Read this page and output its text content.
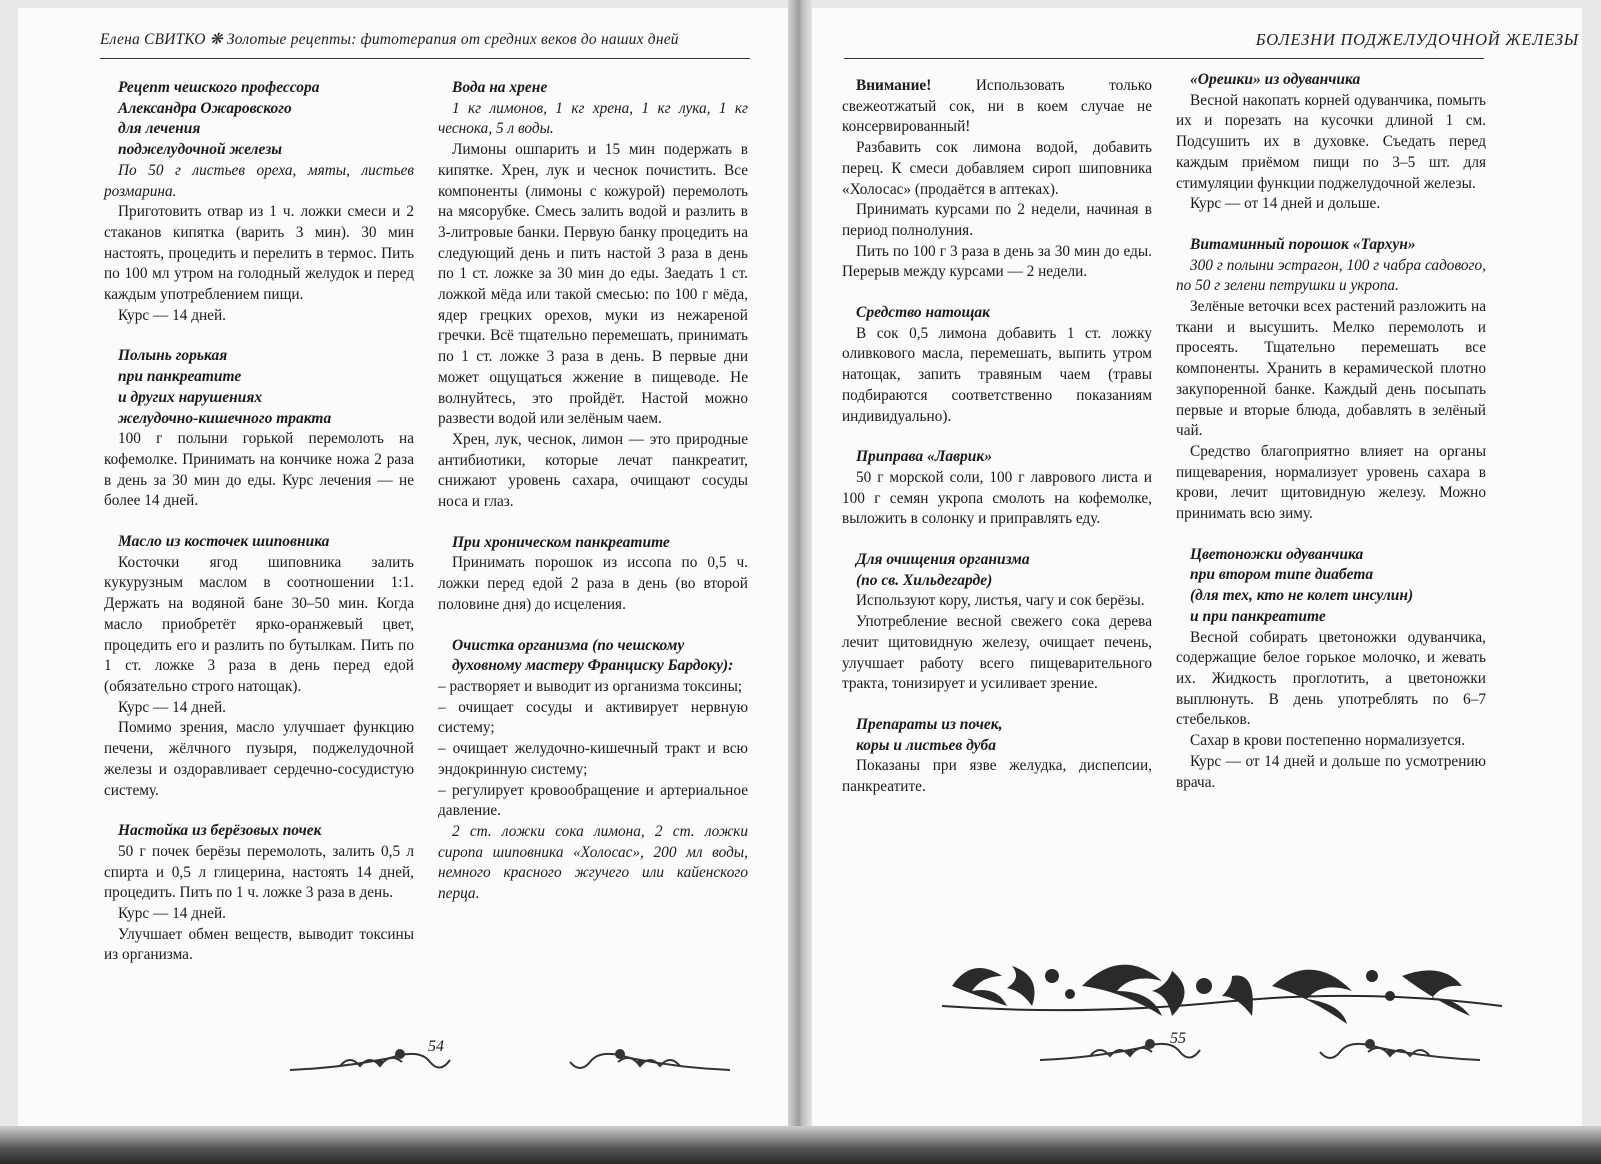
Елена СВИТКО ❋ Золотые рецепты: фитотерапия от средних веков до наших дней	БОЛЕЗНИ ПОДЖЕЛУДОЧНОЙ ЖЕЛЕЗЫ
Рецепт чешского профессора
Александра Ожаровского
для лечения
поджелудочной железы

По 50 г листьев ореха, мяты, листьев розмарина.

Приготовить отвар из 1 ч. ложки смеси и 2 стаканов кипятка (варить 3 мин). 30 мин настоять, процедить и перелить в термос. Пить по 100 мл утром на голодный желудок и перед каждым употреблением пищи.

Курс — 14 дней.

Полынь горькая
при панкреатите
и других нарушениях
желудочно-кишечного тракта

100 г полыни горькой перемолоть на кофемолке. Принимать на кончике ножа 2 раза в день за 30 мин до еды. Курс лечения — не более 14 дней.

Масло из косточек шиповника

Косточки ягод шиповника залить кукурузным маслом в соотношении 1:1. Держать на водяной бане 30–50 мин. Когда масло приобретёт ярко-оранжевый цвет, процедить его и разлить по бутылкам. Пить по 1 ст. ложке 3 раза в день перед едой (обязательно строго натощак).

Курс — 14 дней.

Помимо зрения, масло улучшает функцию печени, жёлчного пузыря, поджелудочной железы и оздоравливает сердечно-сосудистую систему.

Настойка из берёзовых почек

50 г почек берёзы перемолоть, залить 0,5 л спирта и 0,5 л глицерина, настоять 14 дней, процедить. Пить по 1 ч. ложке 3 раза в день.

Курс — 14 дней.

Улучшает обмен веществ, выводит токсины из организма.

Вода на хрене

1 кг лимонов, 1 кг хрена, 1 кг лука, 1 кг чеснока, 5 л воды.

Лимоны ошпарить и 15 мин подержать в кипятке. Хрен, лук и чеснок почистить. Все компоненты (лимоны с кожурой) перемолоть на мясорубке. Смесь залить водой и разлить в 3-литровые банки. Первую банку процедить на следующий день и пить настой 3 раза в день по 1 ст. ложке за 30 мин до еды. Заедать 1 ст. ложкой мёда или такой смесью: по 100 г мёда, ядер грецких орехов, муки из нежареной гречки. Всё тщательно перемешать, принимать по 1 ст. ложке 3 раза в день. В первые дни может ощущаться жжение в пищеводе. Не волнуйтесь, это пройдёт. Настой можно развести водой или зелёным чаем.

Хрен, лук, чеснок, лимон — это природные антибиотики, которые лечат панкреатит, снижают уровень сахара, очищают сосуды носа и глаз.

При хроническом панкреатите

Принимать порошок из иссопа по 0,5 ч. ложки перед едой 2 раза в день (во второй половине дня) до исцеления.

Очистка организма (по чешскому духовному мастеру Франциску Бардоку):

– растворяет и выводит из организма токсины;

– очищает сосуды и активирует нервную систему;

– очищает желудочно-кишечный тракт и всю эндокринную систему;

– регулирует кровообращение и артериальное давление.

2 ст. ложки сока лимона, 2 ст. ложки сиропа шиповника «Холосас», 200 мл воды, немного красного жгучего или кайенского перца.

Внимание! Использовать только свежеотжатый сок, ни в коем случае не консервированный!

Разбавить сок лимона водой, добавить перец. К смеси добавляем сироп шиповника «Холосас» (продаётся в аптеках).

Принимать курсами по 2 недели, начиная в период полнолуния.

Пить по 100 г 3 раза в день за 30 мин до еды. Перерыв между курсами — 2 недели.

Средство натощак

В сок 0,5 лимона добавить 1 ст. ложку оливкового масла, перемешать, выпить утром натощак, запить травяным чаем (травы подбираются соответственно показаниям индивидуально).

Приправа «Лаврик»

50 г морской соли, 100 г лаврового листа и 100 г семян укропа смолоть на кофемолке, выложить в солонку и приправлять еду.

Для очищения организма
(по св. Хильдегарде)

Используют кору, листья, чагу и сок берёзы.

Употребление весной свежего сока дерева лечит щитовидную железу, очищает печень, улучшает работу всего пищеварительного тракта, тонизирует и усиливает зрение.

Препараты из почек,
коры и листьев дуба

Показаны при язве желудка, диспепсии, панкреатите.

«Орешки» из одуванчика

Весной накопать корней одуванчика, помыть их и порезать на кусочки длиной 1 см. Подсушить их в духовке. Съедать перед каждым приёмом пищи по 3–5 шт. для стимуляции функции поджелудочной железы.

Курс — от 14 дней и дольше.

Витаминный порошок «Тархун»

300 г полыни эстрагон, 100 г чабра садового, по 50 г зелени петрушки и укропа.

Зелёные веточки всех растений разложить на ткани и высушить. Мелко перемолоть и просеять. Тщательно перемешать все компоненты. Хранить в керамической плотно закупоренной банке. Каждый день посыпать первые и вторые блюда, добавлять в зелёный чай.

Средство благоприятно влияет на органы пищеварения, нормализует уровень сахара в крови, лечит щитовидную железу. Можно принимать всю зиму.

Цветоножки одуванчика
при втором типе диабета
(для тех, кто не колет инсулин)
и при панкреатите

Весной собирать цветоножки одуванчика, содержащие белое горькое молочко, и жевать их. Жидкость проглотить, а цветоножки выплюнуть. В день употреблять по 6–7 стебельков.

Сахар в крови постепенно нормализуется.

Курс — от 14 дней и дольше по усмотрению врача.

54	55
